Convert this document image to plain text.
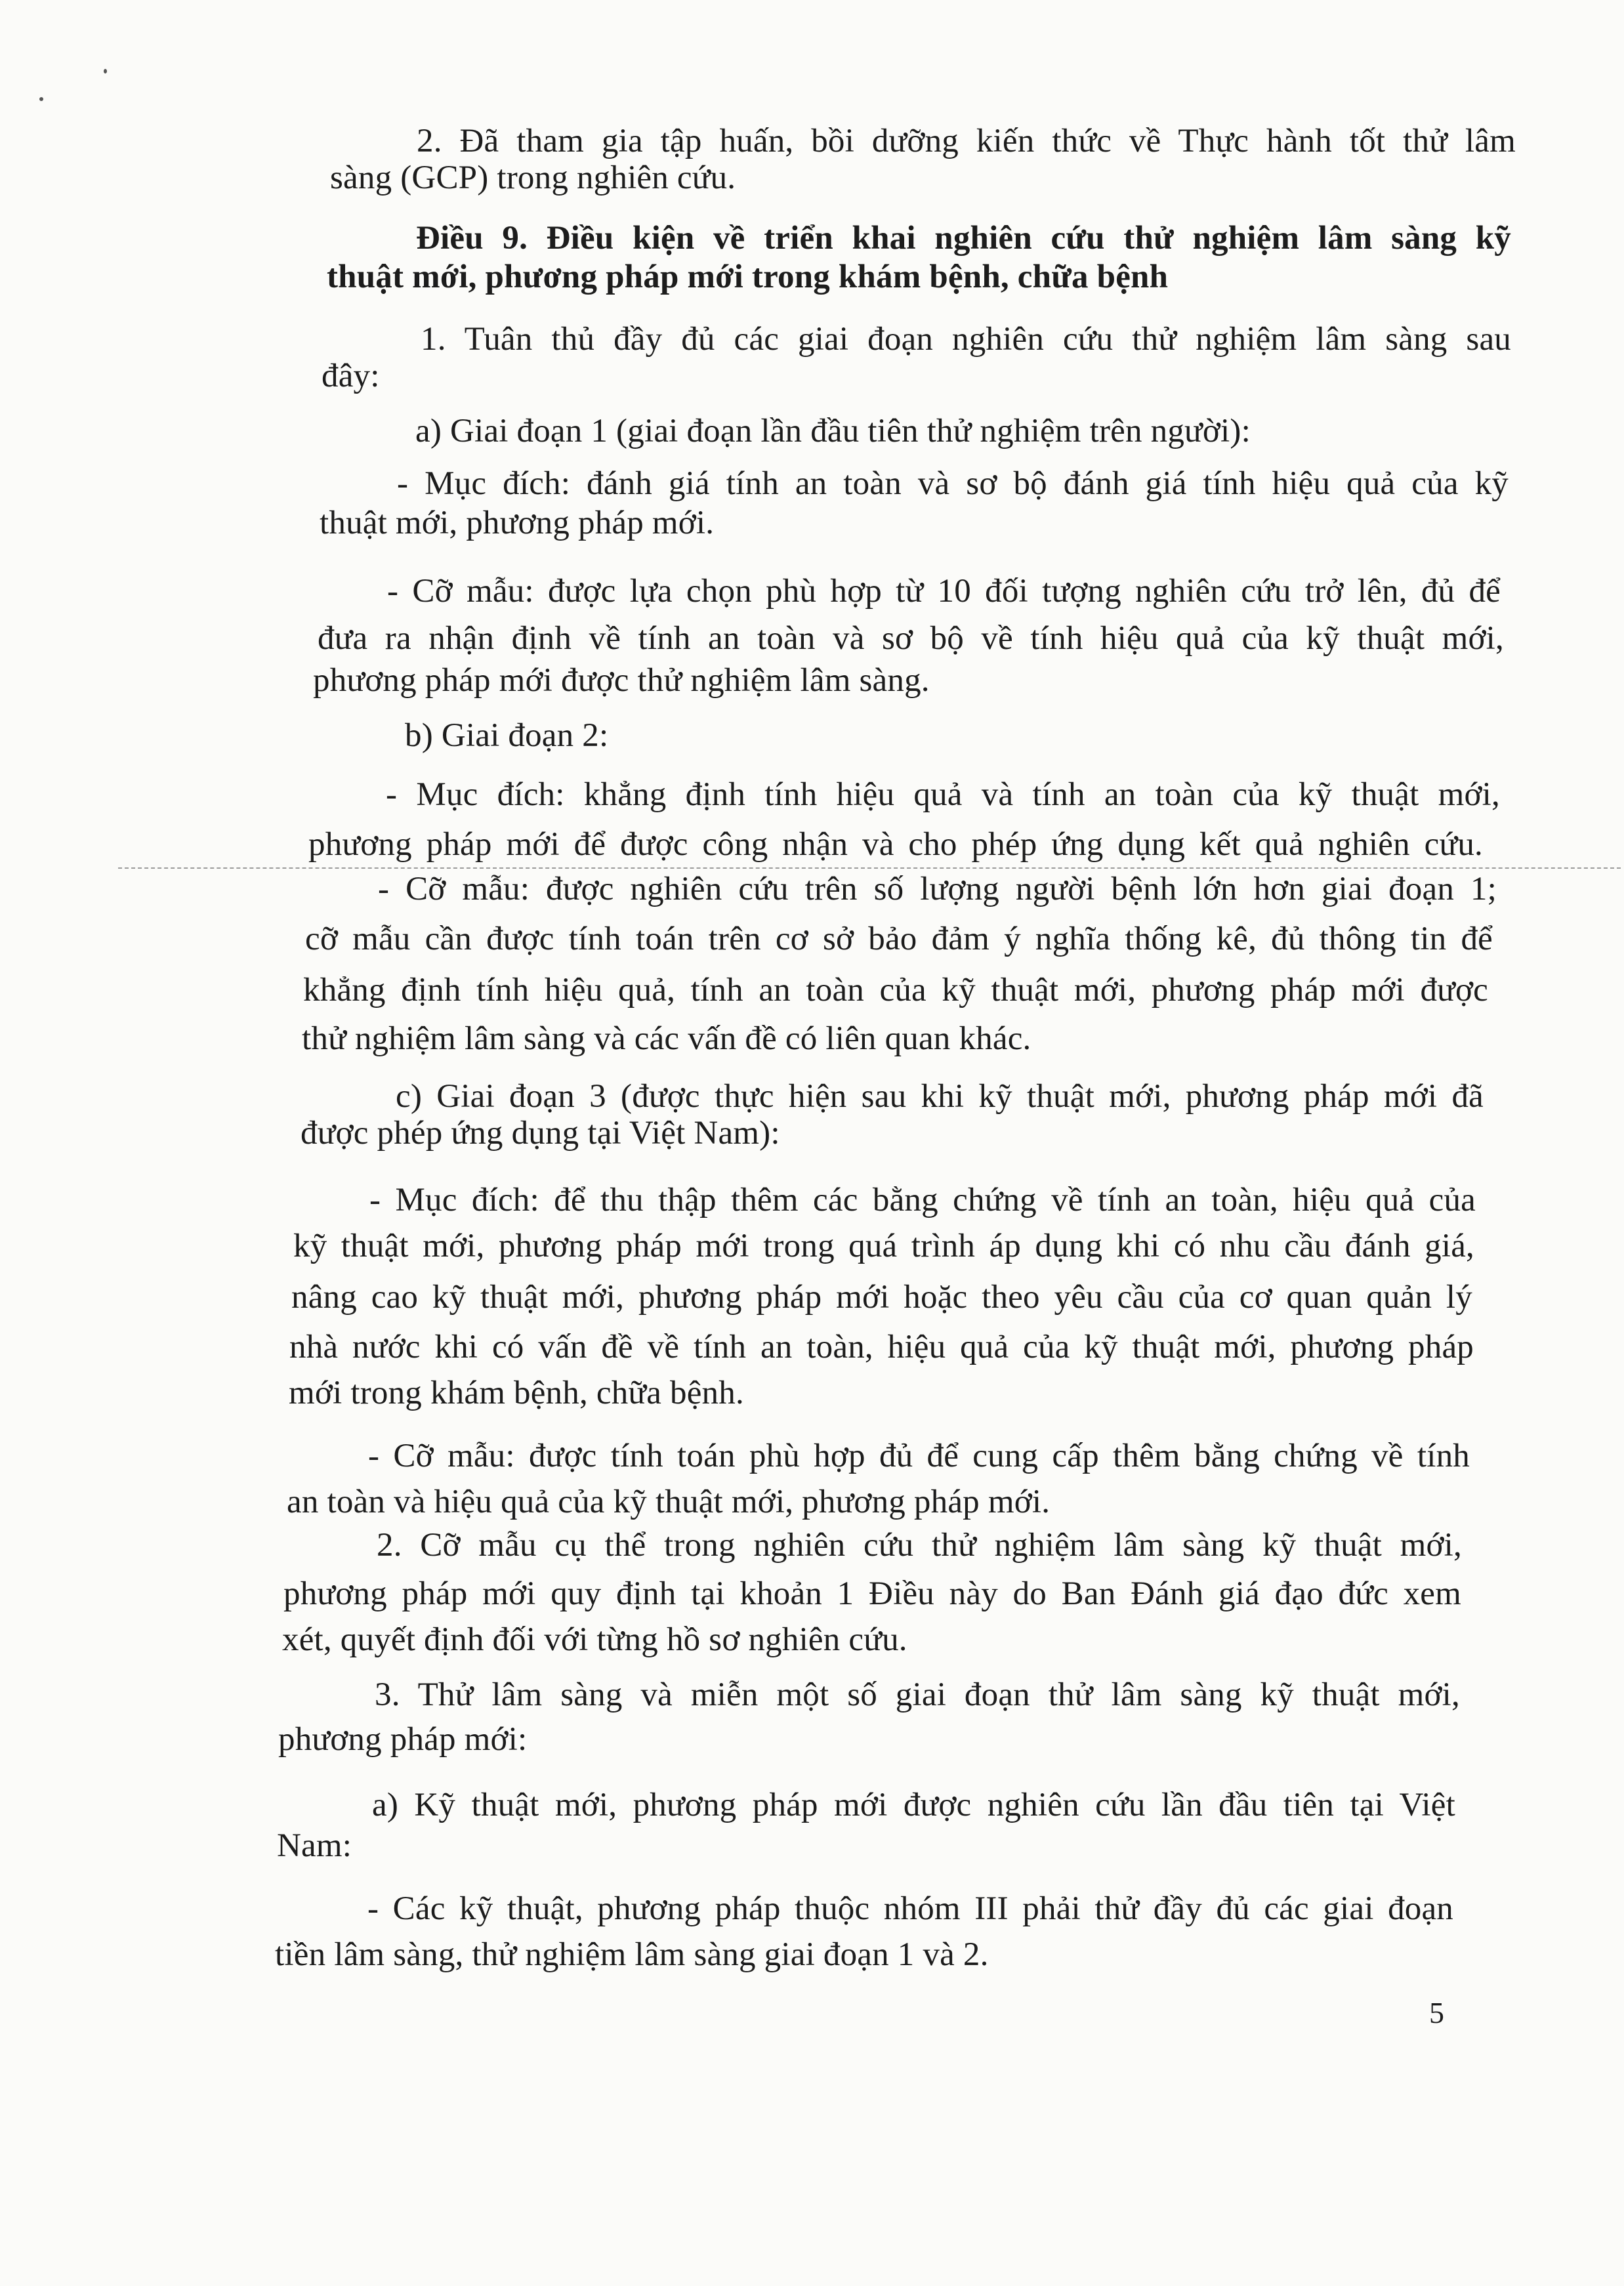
2. Đã tham gia tập huấn, bồi dưỡng kiến thức về Thực hành tốt thử lâm
sàng (GCP) trong nghiên cứu.
Điều 9. Điều kiện về triển khai nghiên cứu thử nghiệm lâm sàng kỹ
thuật mới, phương pháp mới trong khám bệnh, chữa bệnh
1. Tuân thủ đầy đủ các giai đoạn nghiên cứu thử nghiệm lâm sàng sau
đây:
a) Giai đoạn 1 (giai đoạn lần đầu tiên thử nghiệm trên người):
- Mục đích: đánh giá tính an toàn và sơ bộ đánh giá tính hiệu quả của kỹ
thuật mới, phương pháp mới.
- Cỡ mẫu: được lựa chọn phù hợp từ 10 đối tượng nghiên cứu trở lên, đủ để
đưa ra nhận định về tính an toàn và sơ bộ về tính hiệu quả của kỹ thuật mới,
phương pháp mới được thử nghiệm lâm sàng.
b) Giai đoạn 2:
- Mục đích: khẳng định tính hiệu quả và tính an toàn của kỹ thuật mới,
phương pháp mới để được công nhận và cho phép ứng dụng kết quả nghiên cứu.
- Cỡ mẫu: được nghiên cứu trên số lượng người bệnh lớn hơn giai đoạn 1;
cỡ mẫu cần được tính toán trên cơ sở bảo đảm ý nghĩa thống kê, đủ thông tin để
khẳng định tính hiệu quả, tính an toàn của kỹ thuật mới, phương pháp mới được
thử nghiệm lâm sàng và các vấn đề có liên quan khác.
c) Giai đoạn 3 (được thực hiện sau khi kỹ thuật mới, phương pháp mới đã
được phép ứng dụng tại Việt Nam):
- Mục đích: để thu thập thêm các bằng chứng về tính an toàn, hiệu quả của
kỹ thuật mới, phương pháp mới trong quá trình áp dụng khi có nhu cầu đánh giá,
nâng cao kỹ thuật mới, phương pháp mới hoặc theo yêu cầu của cơ quan quản lý
nhà nước khi có vấn đề về tính an toàn, hiệu quả của kỹ thuật mới, phương pháp
mới trong khám bệnh, chữa bệnh.
- Cỡ mẫu: được tính toán phù hợp đủ để cung cấp thêm bằng chứng về tính
an toàn và hiệu quả của kỹ thuật mới, phương pháp mới.
2. Cỡ mẫu cụ thể trong nghiên cứu thử nghiệm lâm sàng kỹ thuật mới,
phương pháp mới quy định tại khoản 1 Điều này do Ban Đánh giá đạo đức xem
xét, quyết định đối với từng hồ sơ nghiên cứu.
3. Thử lâm sàng và miễn một số giai đoạn thử lâm sàng kỹ thuật mới,
phương pháp mới:
a) Kỹ thuật mới, phương pháp mới được nghiên cứu lần đầu tiên tại Việt
Nam:
- Các kỹ thuật, phương pháp thuộc nhóm III phải thử đầy đủ các giai đoạn
tiền lâm sàng, thử nghiệm lâm sàng giai đoạn 1 và 2.
5
